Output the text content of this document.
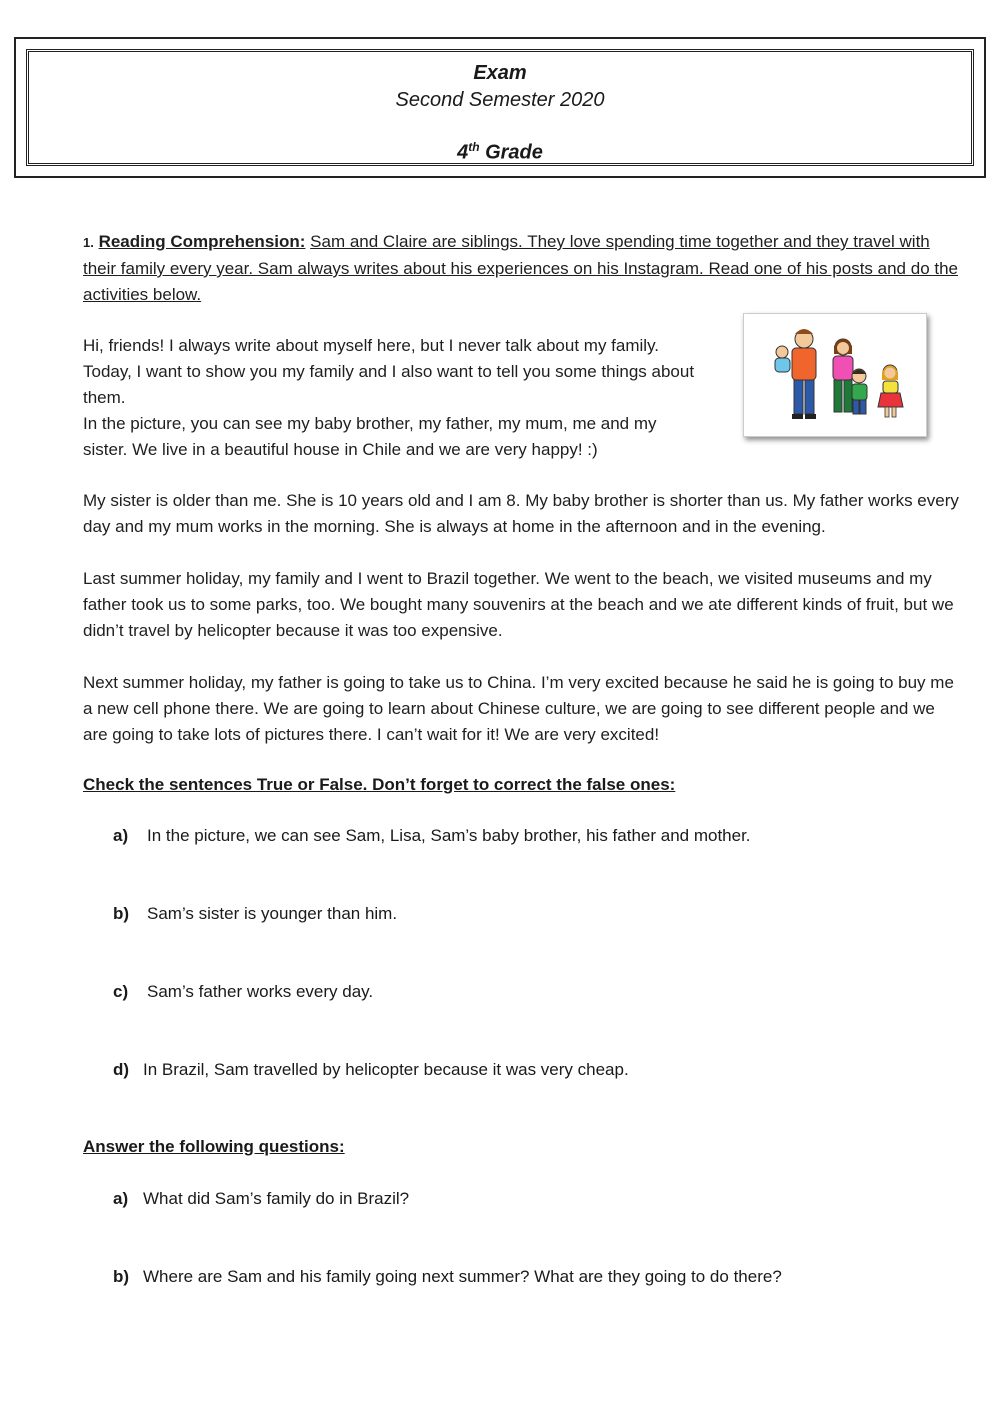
Exam
Second Semester 2020
4th Grade
1. Reading Comprehension: Sam and Claire are siblings. They love spending time together and they travel with their family every year. Sam always writes about his experiences on his Instagram. Read one of his posts and do the activities below.
Hi, friends! I always write about myself here, but I never talk about my family. Today, I want to show you my family and I also want to tell you some things about them.
In the picture, you can see my baby brother, my father, my mum, me and my sister. We live in a beautiful house in Chile and we are very happy! :)
My sister is older than me. She is 10 years old and I am 8. My baby brother is shorter than us. My father works every day and my mum works in the morning. She is always at home in the afternoon and in the evening.
Last summer holiday, my family and I went to Brazil together. We went to the beach, we visited museums and my father took us to some parks, too. We bought many souvenirs at the beach and we ate different kinds of fruit, but we didn’t travel by helicopter because it was too expensive.
Next summer holiday, my father is going to take us to China. I’m very excited because he said he is going to buy me a new cell phone there. We are going to learn about Chinese culture, we are going to see different people and we are going to take lots of pictures there. I can’t wait for it! We are very excited!
Check the sentences True or False. Don’t forget to correct the false ones:
a) In the picture, we can see Sam, Lisa, Sam’s baby brother, his father and mother.
b) Sam’s sister is younger than him.
c) Sam’s father works every day.
d) In Brazil, Sam travelled by helicopter because it was very cheap.
Answer the following questions:
a) What did Sam’s family do in Brazil?
b) Where are Sam and his family going next summer? What are they going to do there?
